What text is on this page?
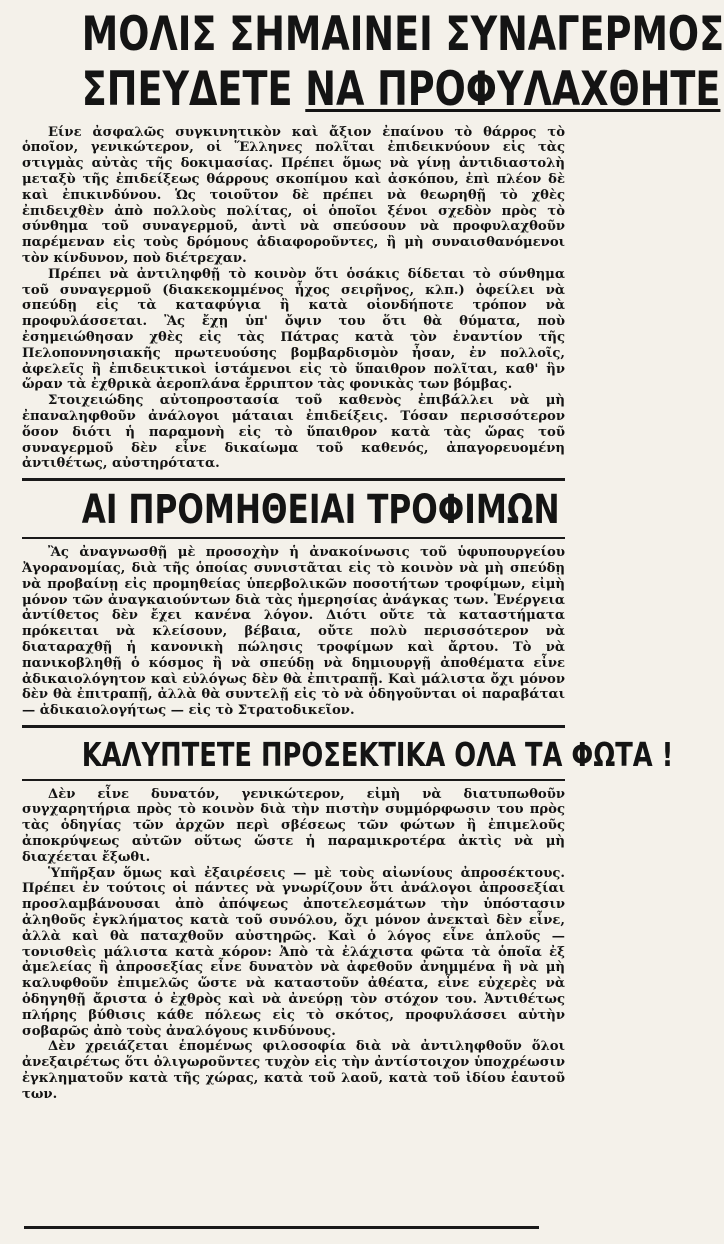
ΜΟΛΙΣ ΣΗΜΑΙΝΕΙ ΣΥΝΑΓΕΡΜΟΣ
ΣΠΕΥΔΕΤΕ ΝΑ ΠΡΟΦΥΛΑΧΘΗΤΕ

Είνε ἀσφαλῶς συγκινητικὸν καὶ ἄξιον ἐπαίνου τὸ θάρρος τὸ ὁποῖον, γενικώτερον, οἱ Ἕλληνες πολῖται ἐπιδεικνύουν εἰς τὰς στιγμὰς αὐτὰς τῆς δοκιμασίας. Πρέπει ὅμως νὰ γίνῃ ἀντιδιαστολὴ μεταξὺ τῆς ἐπιδείξεως θάρρους σκοπίμου καὶ ἀσκόπου, ἐπὶ πλέον δὲ καὶ ἐπικινδύνου. Ὡς τοιοῦτον δὲ πρέπει νὰ θεωρηθῇ τὸ χθὲς ἐπιδειχθὲν ἀπὸ πολλοὺς πολίτας, οἱ ὁποῖοι ξένοι σχεδὸν πρὸς τὸ σύνθημα τοῦ συναγερμοῦ, ἀντὶ νὰ σπεύσουν νὰ προφυλαχθοῦν παρέμεναν εἰς τοὺς δρόμους ἀδιαφοροῦντες, ἢ μὴ συναισθανόμενοι τὸν κίνδυνον, ποὺ διέτρεχαν.

Πρέπει νὰ ἀντιληφθῇ τὸ κοινὸν ὅτι ὁσάκις δίδεται τὸ σύνθημα τοῦ συναγερμοῦ (διακεκομμένος ἦχος σειρῆνος, κλπ.) ὀφείλει νὰ σπεύδῃ εἰς τὰ καταφύγια ἢ κατὰ οἱονδήποτε τρόπον νὰ προφυλάσσεται. Ἂς ἔχῃ ὑπ' ὄψιν του ὅτι θὰ θύματα, ποὺ ἐσημειώθησαν χθὲς εἰς τὰς Πάτρας κατὰ τὸν ἐναντίον τῆς Πελοποννησιακῆς πρωτευούσης βομβαρδισμὸν ἦσαν, ἐν πολλοῖς, ἀφελεῖς ἢ ἐπιδεικτικοὶ ἱστάμενοι εἰς τὸ ὕπαιθρον πολῖται, καθ' ἣν ὥραν τὰ ἐχθρικὰ ἀεροπλάνα ἔρριπτον τὰς φονικὰς των βόμβας.

Στοιχειώδης αὐτοπροστασία τοῦ καθενὸς ἐπιβάλλει νὰ μὴ ἐπαναληφθοῦν ἀνάλογοι μάταιαι ἐπιδείξεις. Τόσαν περισσότερον ὅσον διότι ἡ παραμονὴ εἰς τὸ ὕπαιθρον κατὰ τὰς ὥρας τοῦ συναγερμοῦ δὲν εἶνε δικαίωμα τοῦ καθενός, ἀπαγορευομένη ἀντιθέτως, αὐστηρότατα.

ΑΙ ΠΡΟΜΗΘΕΙΑΙ ΤΡΟΦΙΜΩΝ

Ἂς ἀναγνωσθῇ μὲ προσοχὴν ἡ ἀνακοίνωσις τοῦ ὑφυπουργείου Ἀγορανομίας, διὰ τῆς ὁποίας συνιστᾶται εἰς τὸ κοινὸν νὰ μὴ σπεύδῃ νὰ προβαίνῃ εἰς προμηθείας ὑπερβολικῶν ποσοτήτων τροφίμων, εἰμὴ μόνον τῶν ἀναγκαιούντων διὰ τὰς ἡμερησίας ἀνάγκας των. Ἐνέργεια ἀντίθετος δὲν ἔχει κανένα λόγον. Διότι οὔτε τὰ καταστήματα πρόκειται νὰ κλείσουν, βέβαια, οὔτε πολὺ περισσότερον νὰ διαταραχθῇ ἡ κανονικὴ πώλησις τροφίμων καὶ ἄρτου. Τὸ νὰ πανικοβληθῇ ὁ κόσμος ἢ νὰ σπεύδῃ νὰ δημιουργῇ ἀποθέματα εἶνε ἀδικαιολόγητον καὶ εὐλόγως δὲν θὰ ἐπιτραπῇ. Καὶ μάλιστα ὄχι μόνον δὲν θὰ ἐπιτραπῇ, ἀλλὰ θὰ συντελῇ εἰς τὸ νὰ ὁδηγοῦνται οἱ παραβάται — ἀδικαιολογήτως — εἰς τὸ Στρατοδικεῖον.

ΚΑΛΥΠΤΕΤΕ ΠΡΟΣΕΚΤΙΚΑ ΟΛΑ ΤΑ ΦΩΤΑ !

Δὲν εἶνε δυνατόν, γενικώτερον, εἰμὴ νὰ διατυπωθοῦν συγχαρητήρια πρὸς τὸ κοινὸν διὰ τὴν πιστὴν συμμόρφωσιν του πρὸς τὰς ὁδηγίας τῶν ἀρχῶν περὶ σβέσεως τῶν φώτων ἢ ἐπιμελοῦς ἀποκρύψεως αὐτῶν οὕτως ὥστε ἡ παραμικροτέρα ἀκτὶς νὰ μὴ διαχέεται ἔξωθι.

Ὑπῆρξαν ὅμως καὶ ἐξαιρέσεις — μὲ τοὺς αἰωνίους ἀπροσέκτους. Πρέπει ἐν τούτοις οἱ πάντες νὰ γνωρίζουν ὅτι ἀνάλογοι ἀπροσεξίαι προσλαμβάνουσαι ἀπὸ ἀπόψεως ἀποτελεσμάτων τὴν ὑπόστασιν ἀληθοῦς ἐγκλήματος κατὰ τοῦ συνόλου, ὄχι μόνον ἀνεκταὶ δὲν εἶνε, ἀλλὰ καὶ θὰ παταχθοῦν αὐστηρῶς. Καὶ ὁ λόγος εἶνε ἁπλοῦς — τονισθεὶς μάλιστα κατὰ κόρον: Ἀπὸ τὰ ἐλάχιστα φῶτα τὰ ὁποῖα ἐξ ἀμελείας ἢ ἀπροσεξίας εἶνε δυνατὸν νὰ ἀφεθοῦν ἀνημμένα ἢ νὰ μὴ καλυφθοῦν ἐπιμελῶς ὥστε νὰ καταστοῦν ἀθέατα, εἶνε εὐχερὲς νὰ ὁδηγηθῇ ἄριστα ὁ ἐχθρὸς καὶ νὰ ἀνεύρῃ τὸν στόχον του. Ἀντιθέτως πλήρης βύθισις κάθε πόλεως εἰς τὸ σκότος, προφυλάσσει αὐτὴν σοβαρῶς ἀπὸ τοὺς ἀναλόγους κινδύνους.

Δὲν χρειάζεται ἑπομένως φιλοσοφία διὰ νὰ ἀντιληφθοῦν ὅλοι ἀνεξαιρέτως ὅτι ὀλιγωροῦντες τυχὸν εἰς τὴν ἀντίστοιχον ὑποχρέωσιν ἐγκληματοῦν κατὰ τῆς χώρας, κατὰ τοῦ λαοῦ, κατὰ τοῦ ἰδίου ἑαυτοῦ των.
